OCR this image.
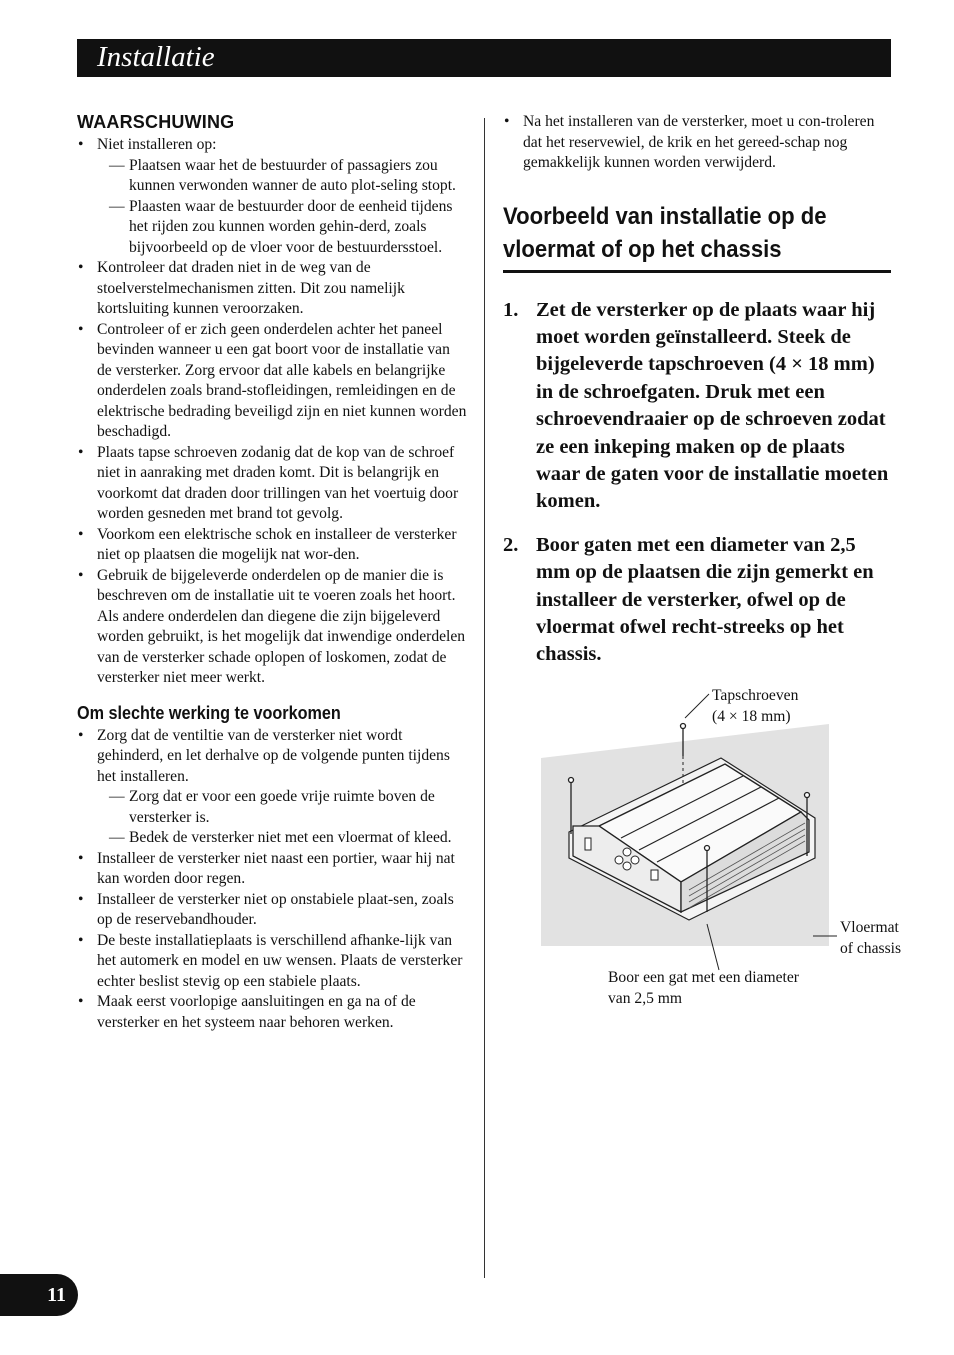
Installatie
WAARSCHUWING
• Niet installeren op:
— Plaatsen waar het de bestuurder of passagiers zou kunnen verwonden wanner de auto plot-seling stopt.
— Plaasten waar de bestuurder door de eenheid tijdens het rijden zou kunnen worden gehin-derd, zoals bijvoorbeeld op de vloer voor de bestuurdersstoel.
• Kontroleer dat draden niet in de weg van de stoelverstelmechanismen zitten. Dit zou namelijk kortsluiting kunnen veroorzaken.
• Controleer of er zich geen onderdelen achter het paneel bevinden wanneer u een gat boort voor de installatie van de versterker. Zorg ervoor dat alle kabels en belangrijke onderdelen zoals brand-stofleidingen, remleidingen en de elektrische bedrading beveiligd zijn en niet kunnen worden beschadigd.
• Plaats tapse schroeven zodanig dat de kop van de schroef niet in aanraking met draden komt. Dit is belangrijk en voorkomt dat draden door trillingen van het voertuig door worden gesneden met brand tot gevolg.
• Voorkom een elektrische schok en installeer de versterker niet op plaatsen die mogelijk nat wor-den.
• Gebruik de bijgeleverde onderdelen op de manier die is beschreven om de installatie uit te voeren zoals het hoort. Als andere onderdelen dan diegene die zijn bijgeleverd worden gebruikt, is het mogelijk dat inwendige onderdelen van de versterker schade oplopen of loskomen, zodat de versterker niet meer werkt.
Om slechte werking te voorkomen
• Zorg dat de ventiltie van de versterker niet wordt gehinderd, en let derhalve op de volgende punten tijdens het installeren.
— Zorg dat er voor een goede vrije ruimte boven de versterker is.
— Bedek de versterker niet met een vloermat of kleed.
• Installeer de versterker niet naast een portier, waar hij nat kan worden door regen.
• Installeer de versterker niet op onstabiele plaat-sen, zoals op de reservebandhouder.
• De beste installatieplaats is verschillend afhanke-lijk van het automerk en model en uw wensen. Plaats de versterker echter beslist stevig op een stabiele plaats.
• Maak eerst voorlopige aansluitingen en ga na of de versterker en het systeem naar behoren werken.
• Na het installeren van de versterker, moet u con-troleren dat het reservewiel, de krik en het gereed-schap nog gemakkelijk kunnen worden verwijderd.
Voorbeeld van installatie op de
vloermat of op het chassis
1. Zet de versterker op de plaats waar hij moet worden geïnstalleerd. Steek de bijgeleverde tapschroeven (4 × 18 mm) in de schroefgaten. Druk met een schroevendraaier op de schroeven zodat ze een inkeping maken op de plaats waar de gaten voor de installatie moeten komen.
2. Boor gaten met een diameter van 2,5 mm op de plaatsen die zijn gemerkt en installeer de versterker, ofwel op de vloermat ofwel recht-streeks op het chassis.
Tapschroeven
(4 × 18 mm)
Vloermat
of chassis
Boor een gat met een diameter
van 2,5 mm
11
